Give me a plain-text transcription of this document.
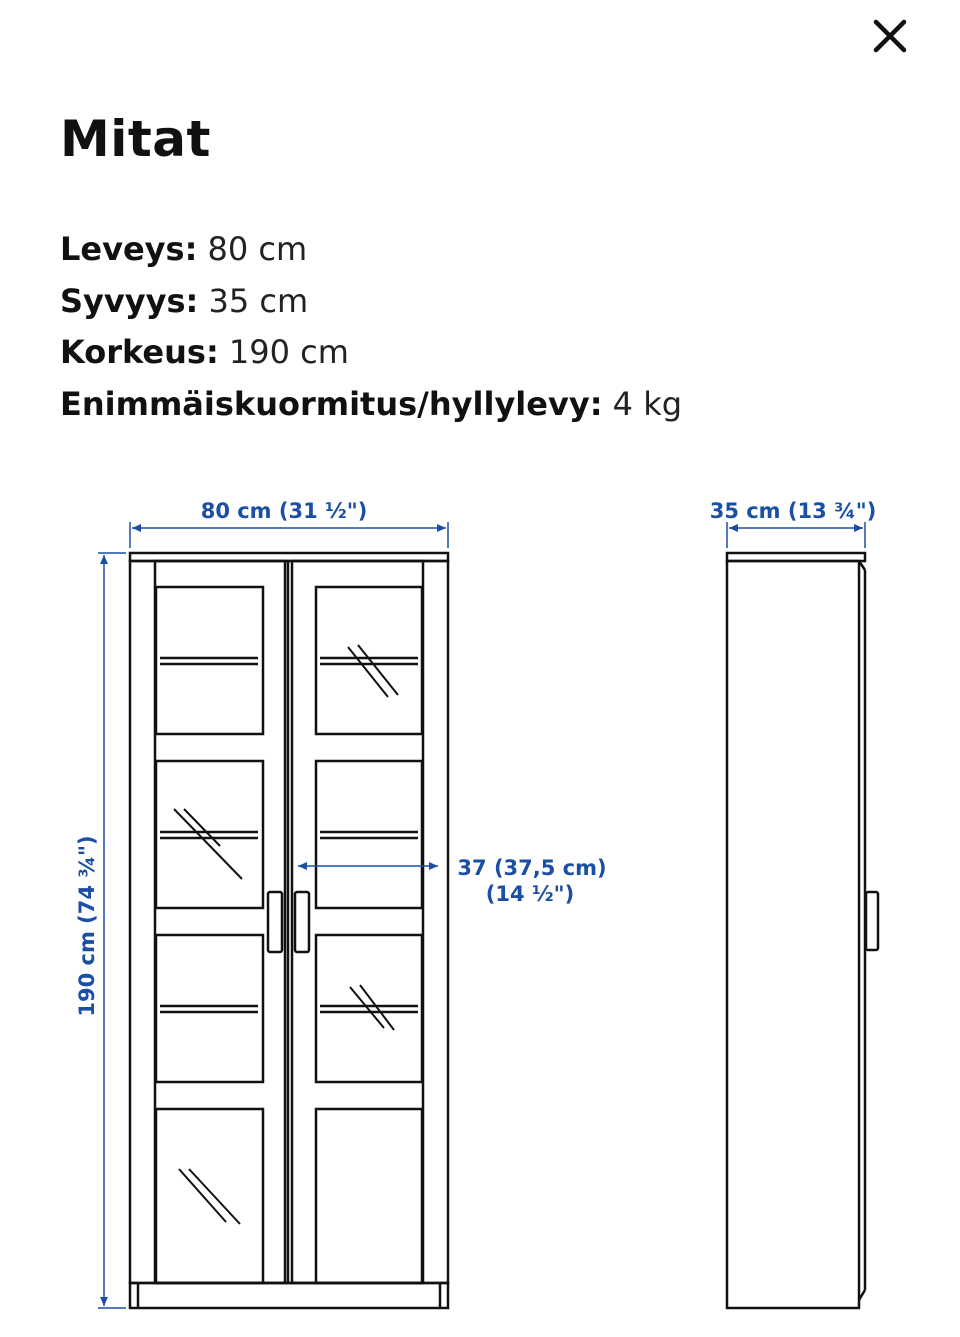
Mitat
Leveys: 80 cm
Syvyys: 35 cm
Korkeus: 190 cm
Enimmäiskuormitus/hyllylevy: 4 kg
80 cm (31 ½")
190 cm (74 ¾")	37 (37,5 cm)
(14 ½")
35 cm (13 ¾")
